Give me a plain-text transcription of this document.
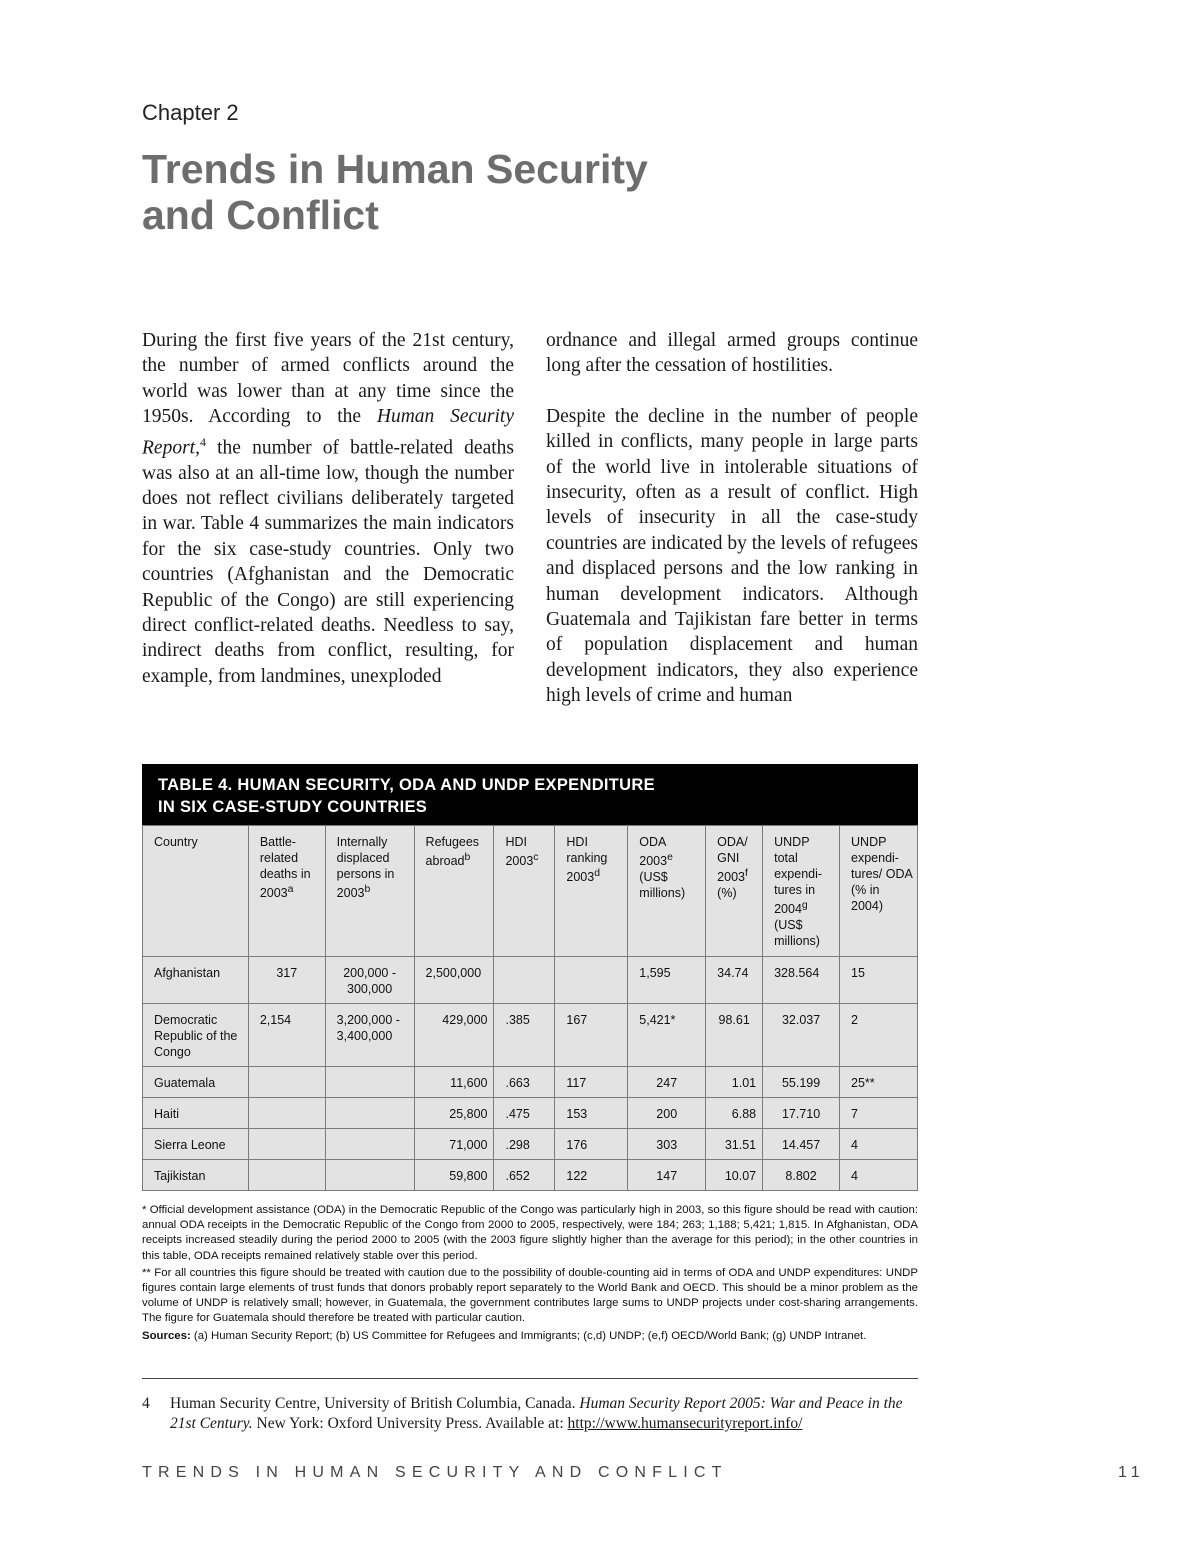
Chapter 2
Trends in Human Security
and Conflict

During the first five years of the 21st century, the number of armed conflicts around the world was lower than at any time since the 1950s. According to the Human Security Report,$^4$ the number of battle-related deaths was also at an all-time low, though the number does not reflect civilians deliberately targeted in war. Table 4 summarizes the main indicators for the six case-study countries. Only two countries (Afghanistan and the Democratic Republic of the Congo) are still experiencing direct conflict-related deaths. Needless to say, indirect deaths from conflict, resulting, for example, from landmines, unexploded

ordnance and illegal armed groups continue long after the cessation of hostilities.

Despite the decline in the number of people killed in conflicts, many people in large parts of the world live in intolerable situations of insecurity, often as a result of conflict. High levels of insecurity in all the case-study countries are indicated by the levels of refugees and displaced persons and the low ranking in human development indicators. Although Guatemala and Tajikistan fare better in terms of population displacement and human development indicators, they also experience high levels of crime and human

TABLE 4. HUMAN SECURITY, ODA AND UNDP EXPENDITURE
IN SIX CASE-STUDY COUNTRIES
Country	Battle-related deaths in 2003$^a$	Internally displaced persons in 2003$^b$	Refugees abroad$^b$	HDI 2003$^c$	HDI ranking 2003$^d$	ODA 2003e (US$ millions)	ODA/ GNI 2003$^f$ (%)	UNDP total expendi-tures in 2004$^g$ (US$ millions)	UNDP expendi-tures/ ODA (% in 2004)
Afghanistan	317	200,000 - 300,000	2,500,000			1,595	34.74	328.564	15
Democratic Republic of the Congo	2,154	3,200,000 - 3,400,000	429,000	.385	167	5,421*	98.61	32.037	2
Guatemala			11,600	.663	117	247	1.01	55.199	25**
Haiti			25,800	.475	153	200	6.88	17.710	7
Sierra Leone			71,000	.298	176	303	31.51	14.457	4
Tajikistan			59,800	.652	122	147	10.07	8.802	4

* Official development assistance (ODA) in the Democratic Republic of the Congo was particularly high in 2003, so this figure should be read with caution: annual ODA receipts in the Democratic Republic of the Congo from 2000 to 2005, respectively, were 184; 263; 1,188; 5,421; 1,815. In Afghanistan, ODA receipts increased steadily during the period 2000 to 2005 (with the 2003 figure slightly higher than the average for this period); in the other countries in this table, ODA receipts remained relatively stable over this period.

** For all countries this figure should be treated with caution due to the possibility of double-counting aid in terms of ODA and UNDP expenditures: UNDP figures contain large elements of trust funds that donors probably report separately to the World Bank and OECD. This should be a minor problem as the volume of UNDP is relatively small; however, in Guatemala, the government contributes large sums to UNDP projects under cost-sharing arrangements. The figure for Guatemala should therefore be treated with particular caution.

Sources: (a) Human Security Report; (b) US Committee for Refugees and Immigrants; (c,d) UNDP; (e,f) OECD/World Bank; (g) UNDP Intranet.

4	Human Security Centre, University of British Columbia, Canada. Human Security Report 2005: War and Peace in the 21st Century. New York: Oxford University Press. Available at: http://www.humansecurityreport.info/
TRENDS IN HUMAN SECURITY AND CONFLICT	11
